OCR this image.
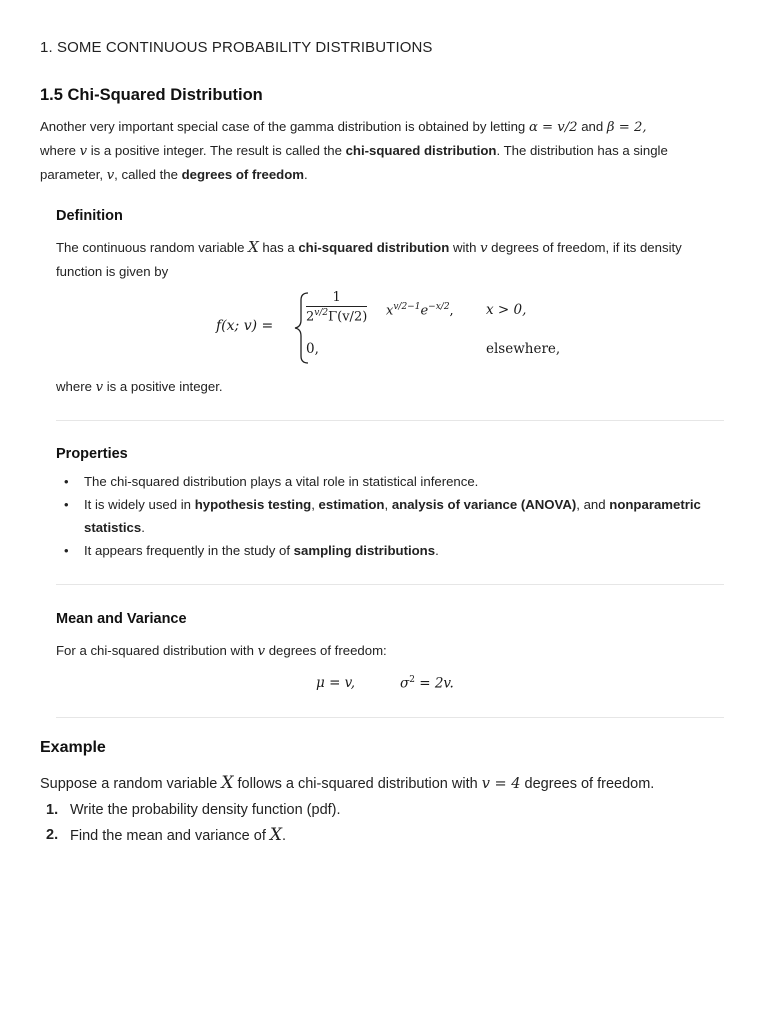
1. SOME CONTINUOUS PROBABILITY DISTRIBUTIONS
1.5 Chi-Squared Distribution
Another very important special case of the gamma distribution is obtained by letting α = v/2 and β = 2,
where v is a positive integer. The result is called the chi-squared distribution. The distribution has a single
parameter, v, called the degrees of freedom.
Definition
The continuous random variable X has a chi-squared distribution with v degrees of freedom, if its density
function is given by
f(x; v) =
$\frac{1}{2^{v/2}\Gamma(v/2)} x^{v/2-1}e^{-x/2}$, x > 0,
0,	elsewhere,
where v is a positive integer.
Properties
• The chi-squared distribution plays a vital role in statistical inference.
• It is widely used in hypothesis testing, estimation, analysis of variance (ANOVA), and nonparametric
statistics.
• It appears frequently in the study of sampling distributions.
Mean and Variance
For a chi-squared distribution with v degrees of freedom:
μ = v,	$\sigma^2 = 2v$.
Example
Suppose a random variable X follows a chi-squared distribution with v = 4 degrees of freedom.
1. Write the probability density function (pdf).
2. Find the mean and variance of X.
